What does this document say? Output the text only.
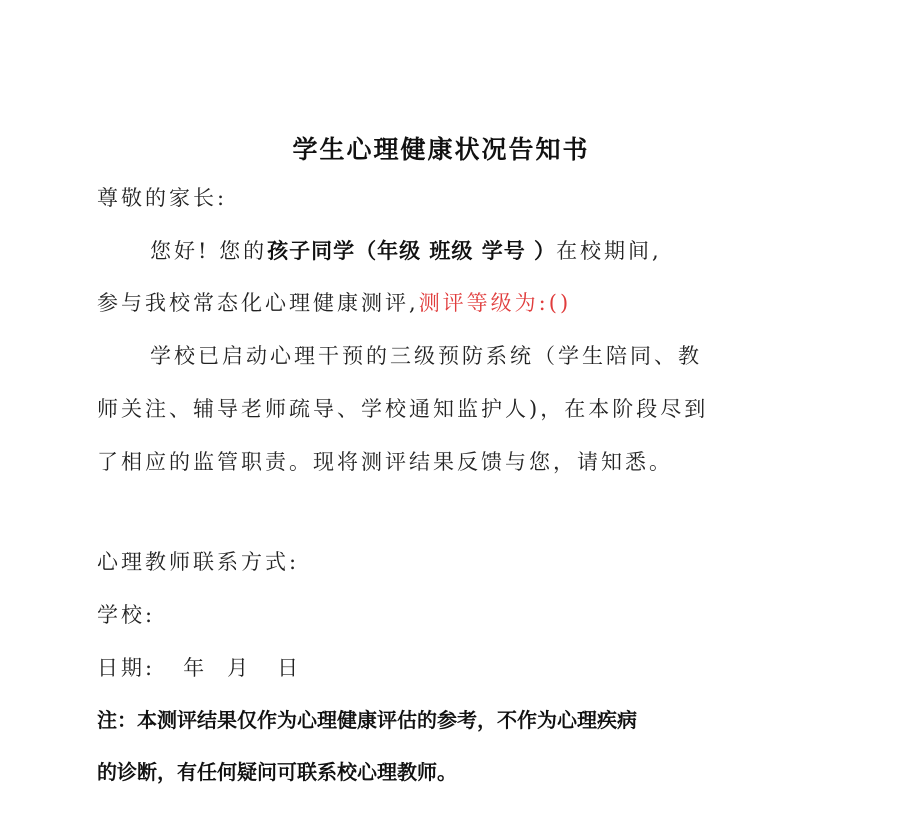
学生心理健康状况告知书
尊敬的家长:
您好! 您的孩子同学（年级 班级 学号 ）在校期间,
参与我校常态化心理健康测评,测评等级为:()
学校已启动心理干预的三级预防系统（学生陪同、教
师关注、辅导老师疏导、学校通知监护人)，在本阶段尽到
了相应的监管职责。现将测评结果反馈与您，请知悉。
心理教师联系方式:
学校:
日期: 年 月 日
注：本测评结果仅作为心理健康评估的参考，不作为心理疾病
的诊断，有任何疑问可联系校心理教师。
